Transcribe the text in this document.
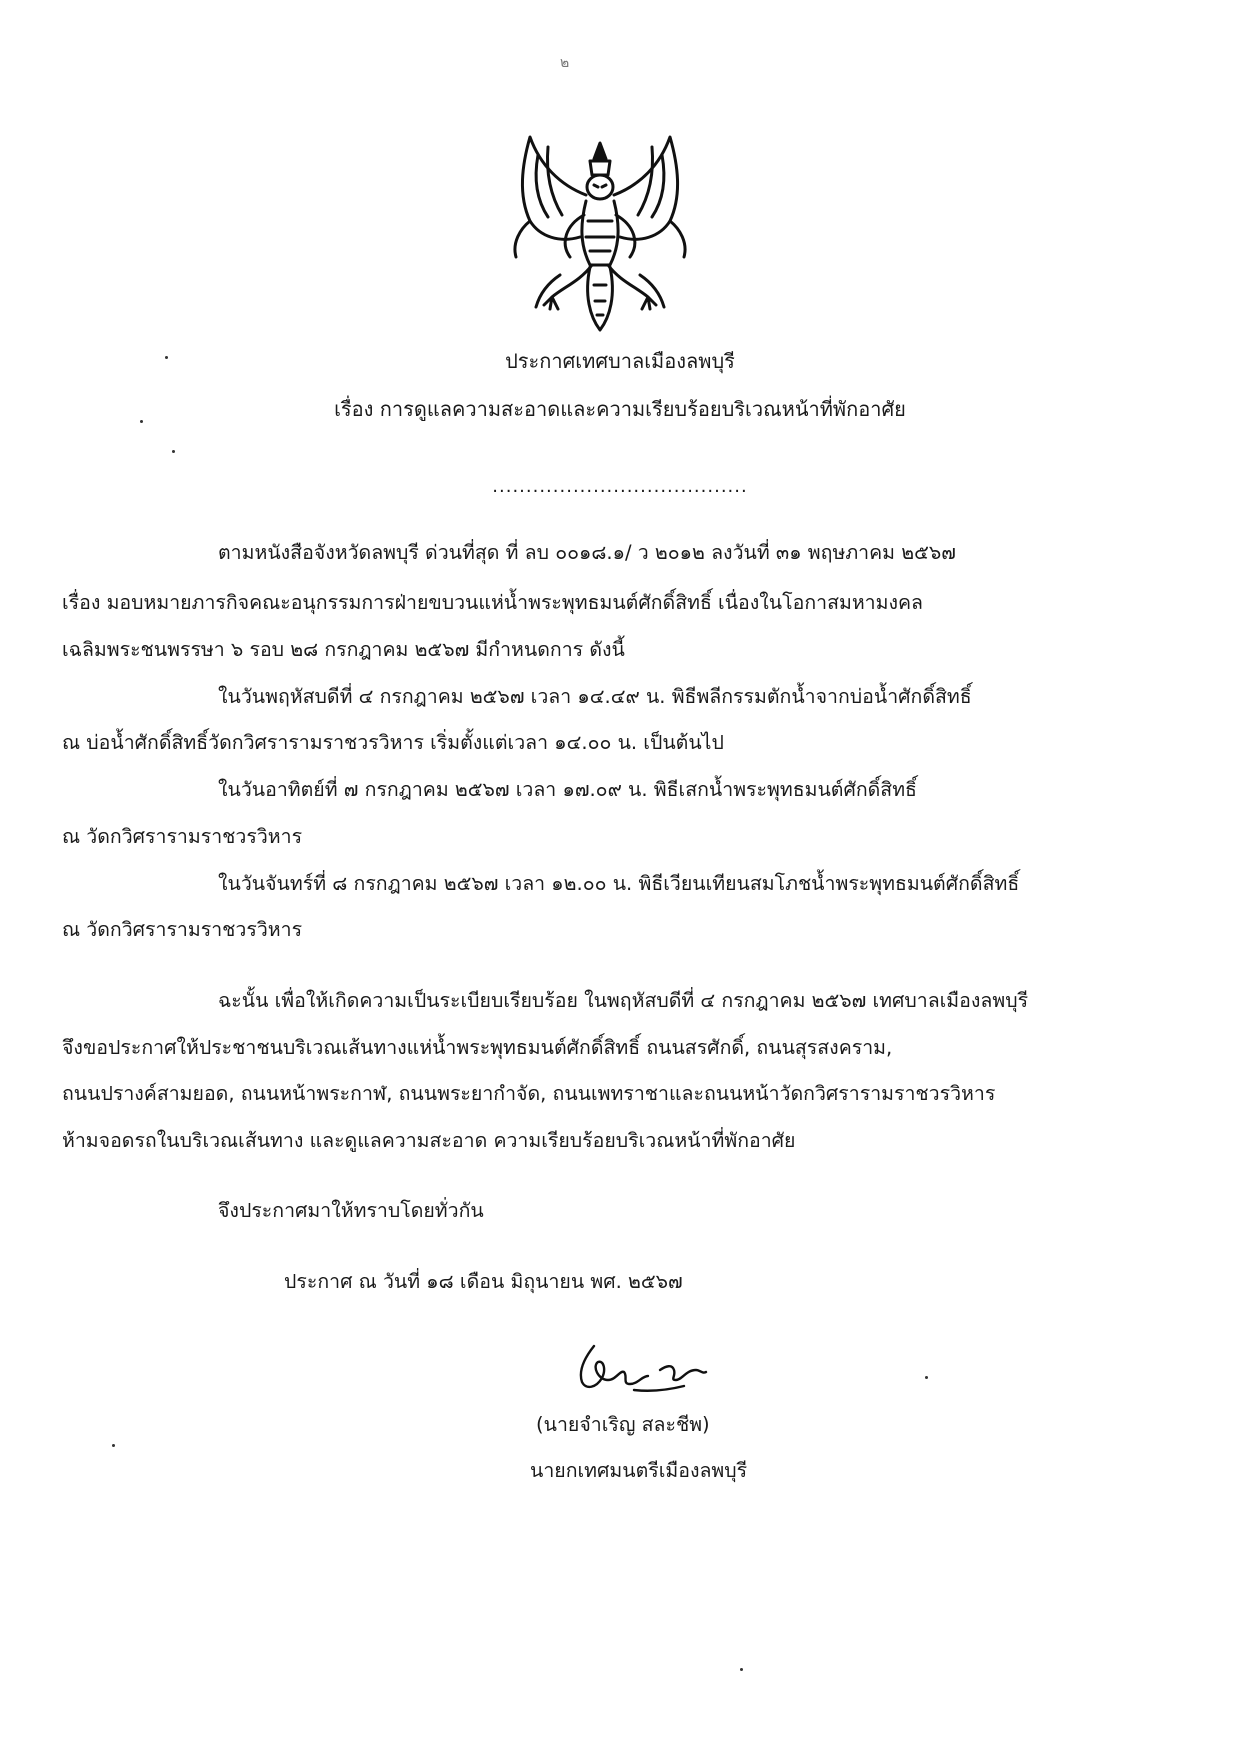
๒
ประกาศเทศบาลเมืองลพบุรี
เรื่อง การดูแลความสะอาดและความเรียบร้อยบริเวณหน้าที่พักอาศัย
......................................
ตามหนังสือจังหวัดลพบุรี ด่วนที่สุด ที่ ลบ ๐๐๑๘.๑/ ว ๒๐๑๒ ลงวันที่ ๓๑ พฤษภาคม ๒๕๖๗
เรื่อง มอบหมายภารกิจคณะอนุกรรมการฝ่ายขบวนแห่น้ำพระพุทธมนต์ศักดิ์สิทธิ์ เนื่องในโอกาสมหามงคล
เฉลิมพระชนพรรษา ๖ รอบ ๒๘ กรกฎาคม ๒๕๖๗ มีกำหนดการ ดังนี้
ในวันพฤหัสบดีที่ ๔ กรกฎาคม ๒๕๖๗ เวลา ๑๔.๔๙ น. พิธีพลีกรรมตักน้ำจากบ่อน้ำศักดิ์สิทธิ์
ณ บ่อน้ำศักดิ์สิทธิ์วัดกวิศรารามราชวรวิหาร เริ่มตั้งแต่เวลา ๑๔.๐๐ น. เป็นต้นไป
ในวันอาทิตย์ที่ ๗ กรกฎาคม ๒๕๖๗ เวลา ๑๗.๐๙ น. พิธีเสกน้ำพระพุทธมนต์ศักดิ์สิทธิ์
ณ วัดกวิศรารามราชวรวิหาร
ในวันจันทร์ที่ ๘ กรกฎาคม ๒๕๖๗ เวลา ๑๒.๐๐ น. พิธีเวียนเทียนสมโภชน้ำพระพุทธมนต์ศักดิ์สิทธิ์
ณ วัดกวิศรารามราชวรวิหาร
ฉะนั้น เพื่อให้เกิดความเป็นระเบียบเรียบร้อย ในพฤหัสบดีที่ ๔ กรกฎาคม ๒๕๖๗ เทศบาลเมืองลพบุรี
จึงขอประกาศให้ประชาชนบริเวณเส้นทางแห่น้ำพระพุทธมนต์ศักดิ์สิทธิ์ ถนนสรศักดิ์, ถนนสุรสงคราม,
ถนนปรางค์สามยอด, ถนนหน้าพระกาฬ, ถนนพระยากำจัด, ถนนเพทราชาและถนนหน้าวัดกวิศรารามราชวรวิหาร
ห้ามจอดรถในบริเวณเส้นทาง และดูแลความสะอาด ความเรียบร้อยบริเวณหน้าที่พักอาศัย
จึงประกาศมาให้ทราบโดยทั่วกัน
ประกาศ ณ วันที่ ๑๘ เดือน มิถุนายน พศ. ๒๕๖๗
(นายจำเริญ สละชีพ)
นายกเทศมนตรีเมืองลพบุรี
